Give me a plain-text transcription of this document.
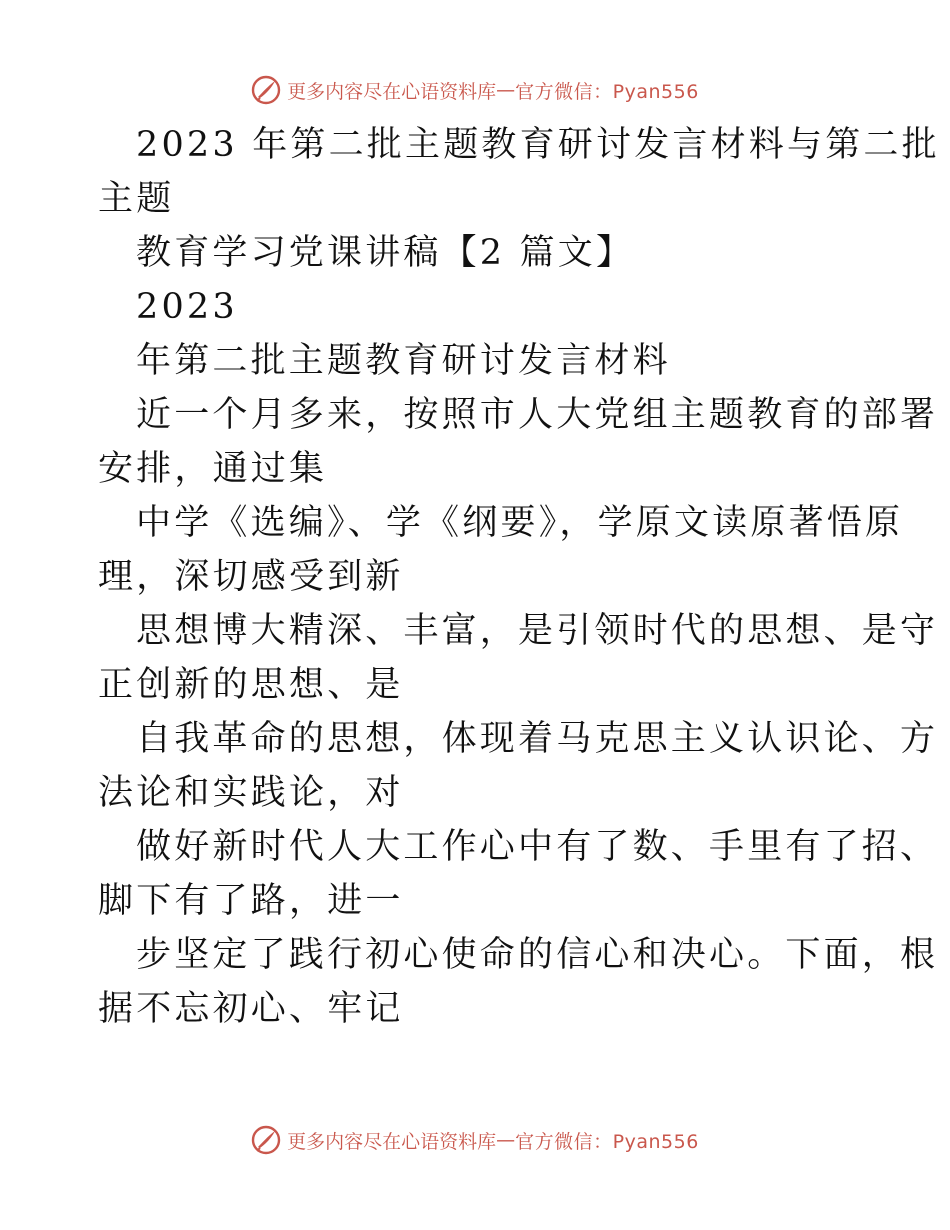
更多内容尽在心语资料库 — 官方微信：Pyan556
2023 年第二批主题教育研讨发言材料与第二批
主题
教育学习党课讲稿【2 篇文】
2023
年第二批主题教育研讨发言材料
近一个月多来，按照市人大党组主题教育的部署
安排，通过集
中学《选编》、学《纲要》，学原文读原著悟原
理，深切感受到新
思想博大精深、丰富，是引领时代的思想、是守
正创新的思想、是
自我革命的思想，体现着马克思主义认识论、方
法论和实践论，对
做好新时代人大工作心中有了数、手里有了招、
脚下有了路，进一
步坚定了践行初心使命的信心和决心。下面，根
据不忘初心、牢记
更多内容尽在心语资料库 — 官方微信：Pyan556
